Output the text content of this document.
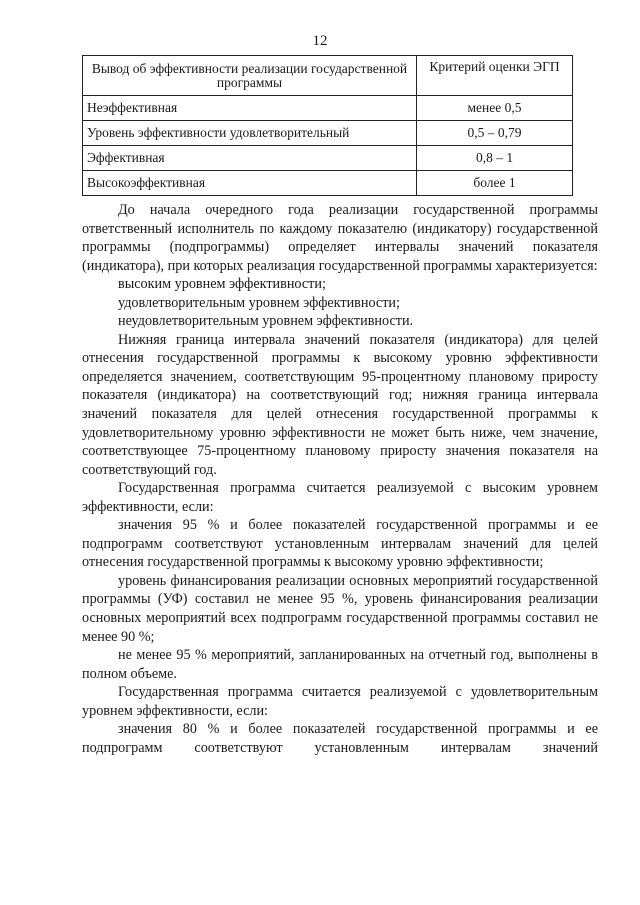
12
Вывод об эффективности реализации государственной программы	Критерий оценки ЭГП
Неэффективная	менее 0,5
Уровень эффективности удовлетворительный	0,5 – 0,79
Эффективная	0,8 – 1
Высокоэффективная	более 1

До начала очередного года реализации государственной программы ответственный исполнитель по каждому показателю (индикатору) государственной программы (подпрограммы) определяет интервалы значений показателя (индикатора), при которых реализация государственной программы характеризуется:

высоким уровнем эффективности;

удовлетворительным уровнем эффективности;

неудовлетворительным уровнем эффективности.

Нижняя граница интервала значений показателя (индикатора) для целей отнесения государственной программы к высокому уровню эффективности определяется значением, соответствующим 95-процентному плановому приросту показателя (индикатора) на соответствующий год; нижняя граница интервала значений показателя для целей отнесения государственной программы к удовлетворительному уровню эффективности не может быть ниже, чем значение, соответствующее 75-процентному плановому приросту значения показателя на соответствующий год.

Государственная программа считается реализуемой с высоким уровнем эффективности, если:

значения 95 % и более показателей государственной программы и ее подпрограмм соответствуют установленным интервалам значений для целей отнесения государственной программы к высокому уровню эффективности;

уровень финансирования реализации основных мероприятий государственной программы (УФ) составил не менее 95 %, уровень финансирования реализации основных мероприятий всех подпрограмм государственной программы составил не менее 90 %;

не менее 95 % мероприятий, запланированных на отчетный год, выполнены в полном объеме.

Государственная программа считается реализуемой с удовлетворительным уровнем эффективности, если:

значения 80 % и более показателей государственной программы и ее подпрограмм соответствуют установленным интервалам значений
